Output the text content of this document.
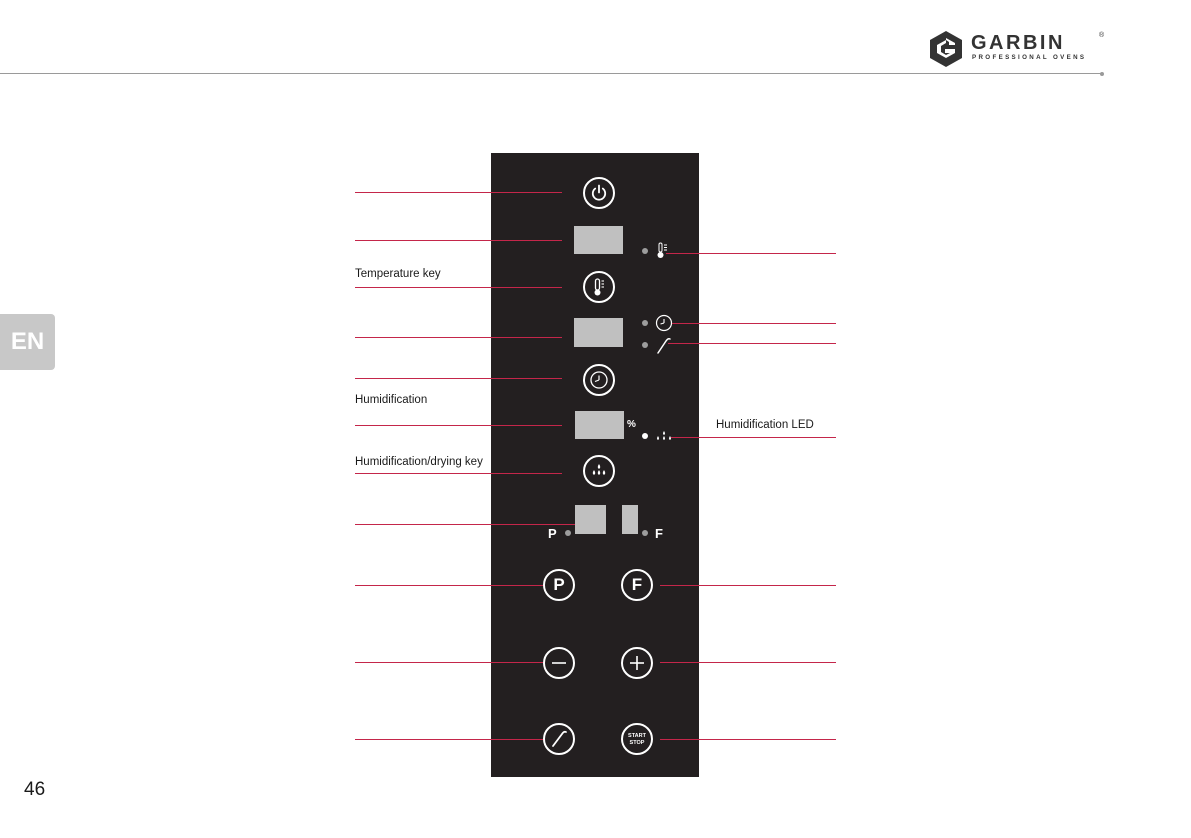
GARBIN	®
PROFESSIONAL OVENS
EN
46
%
P	F
P	F
START
STOP
Temperature key
Humidification
Humidification/drying key
Humidification LED
